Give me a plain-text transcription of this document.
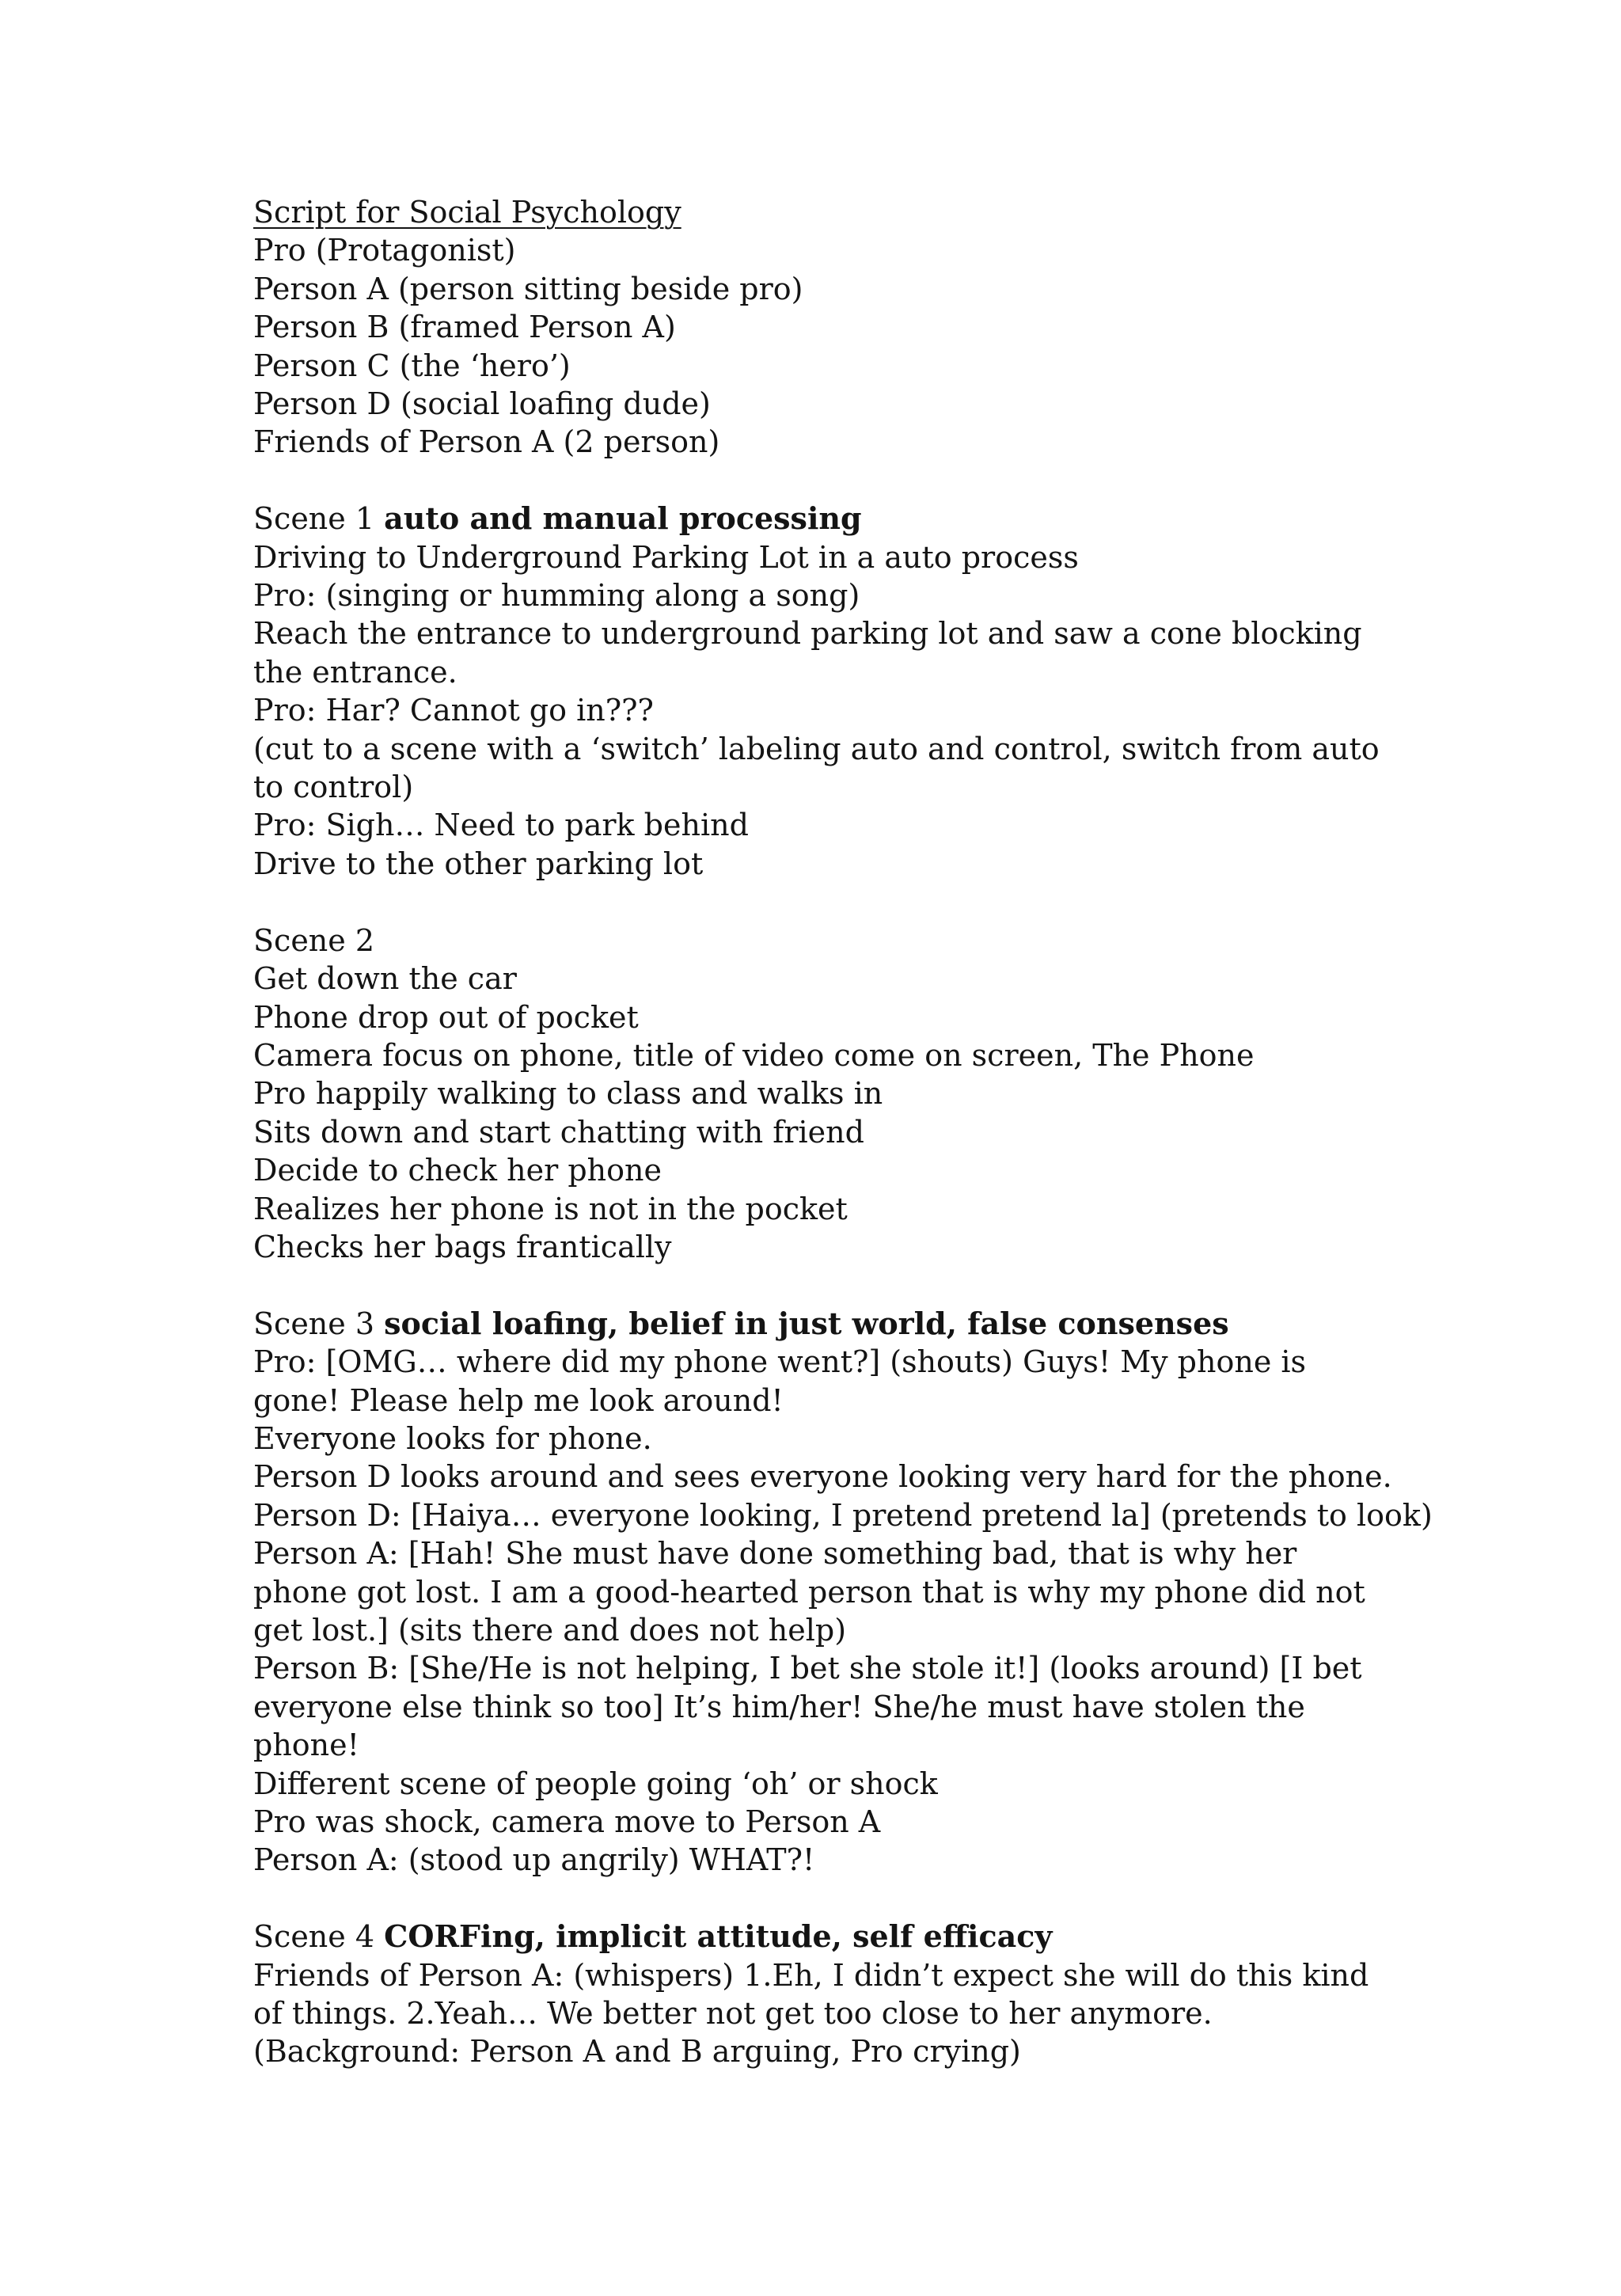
Script for Social Psychology

Pro (Protagonist)

Person A (person sitting beside pro)

Person B (framed Person A)

Person C (the ‘hero’)

Person D (social loafing dude)

Friends of Person A (2 person)

Scene 1 auto and manual processing

Driving to Underground Parking Lot in a auto process

Pro: (singing or humming along a song)

Reach the entrance to underground parking lot and saw a cone blocking the entrance.

Pro: Har? Cannot go in???

(cut to a scene with a ‘switch’ labeling auto and control, switch from auto to control)

Pro: Sigh… Need to park behind

Drive to the other parking lot

Scene 2

Get down the car

Phone drop out of pocket

Camera focus on phone, title of video come on screen, The Phone

Pro happily walking to class and walks in

Sits down and start chatting with friend

Decide to check her phone

Realizes her phone is not in the pocket

Checks her bags frantically

Scene 3 social loafing, belief in just world, false consenses

Pro: [OMG… where did my phone went?] (shouts) Guys! My phone is gone! Please help me look around!

Everyone looks for phone.

Person D looks around and sees everyone looking very hard for the phone.

Person D: [Haiya… everyone looking, I pretend pretend la] (pretends to look)

Person A: [Hah! She must have done something bad, that is why her phone got lost. I am a good-hearted person that is why my phone did not get lost.] (sits there and does not help)

Person B: [She/He is not helping, I bet she stole it!] (looks around) [I bet everyone else think so too] It’s him/her! She/he must have stolen the phone!

Different scene of people going ‘oh’ or shock

Pro was shock, camera move to Person A

Person A: (stood up angrily) WHAT?!

Scene 4 CORFing, implicit attitude, self efficacy

Friends of Person A: (whispers) 1.Eh, I didn’t expect she will do this kind of things. 2.Yeah… We better not get too close to her anymore. (Background: Person A and B arguing, Pro crying)
